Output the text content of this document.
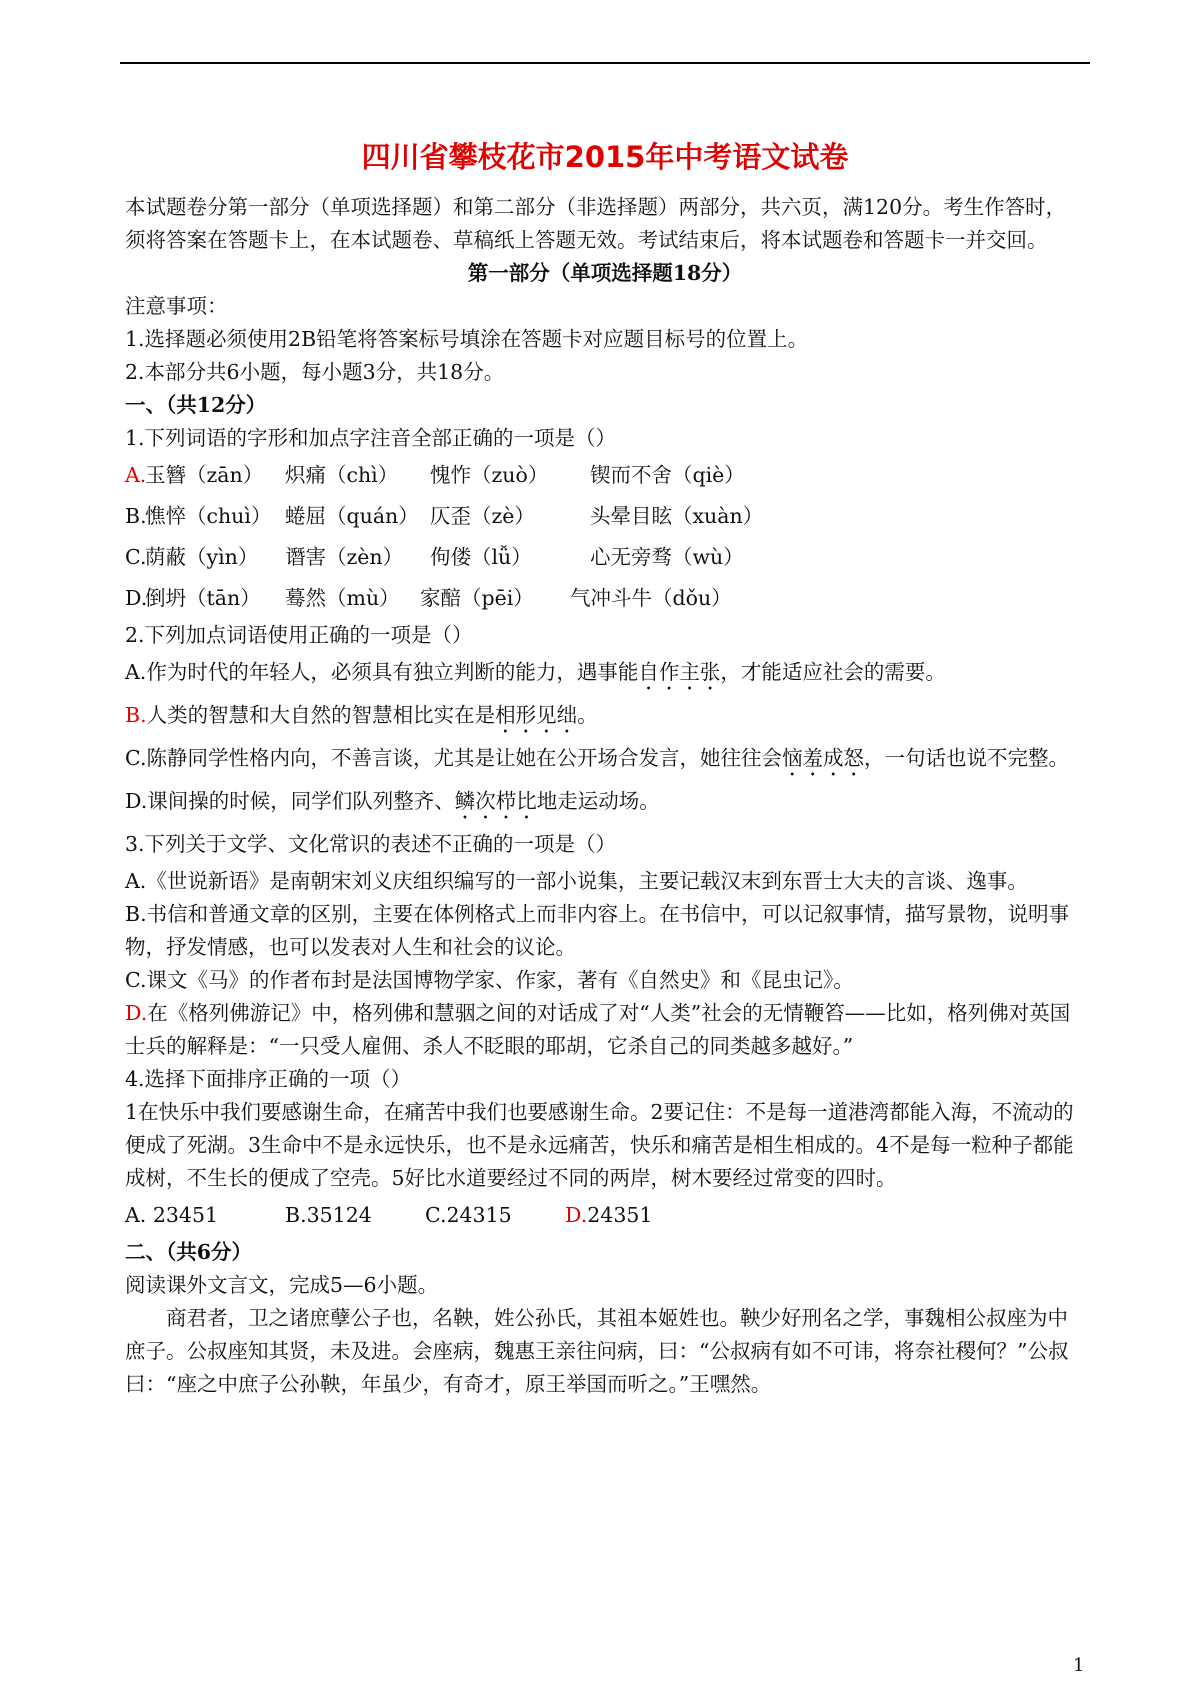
四川省攀枝花市2015年中考语文试卷

本试题卷分第一部分（单项选择题）和第二部分（非选择题）两部分，共六页，满120分。考生作答时，须将答案在答题卡上，在本试题卷、草稿纸上答题无效。考试结束后，将本试题卷和答题卡一并交回。

第一部分（单项选择题18分）

注意事项：

1.选择题必须使用2B铅笔将答案标号填涂在答题卡对应题目标号的位置上。

2.本部分共6小题，每小题3分，共18分。

一、（共12分）

1.下列词语的字形和加点字注音全部正确的一项是（）

A.
玉簪（zān）	炽痛（chì）	愧怍（zuò）	锲而不舍（qiè）
B.
憔悴（chuì） 蜷屈（quán） 仄歪（zè）	头晕目眩（xuàn）
C.
荫蔽（yìn）	谮害（zèn）	佝偻（lǚ）	心无旁骛（wù）
D.
倒坍（tān）	蓦然（mù） 家醅（pēi）	气冲斗牛（dǒu）

2.下列加点词语使用正确的一项是（）

A.作为时代的年轻人，必须具有独立判断的能力，遇事能自作主张，才能适应社会的需要。

B.人类的智慧和大自然的智慧相比实在是相形见绌。

C.陈静同学性格内向，不善言谈，尤其是让她在公开场合发言，她往往会恼羞成怒，一句话也说不完整。

D.课间操的时候，同学们队列整齐、鳞次栉比地走运动场。

3.下列关于文学、文化常识的表述不正确的一项是（）

A.《世说新语》是南朝宋刘义庆组织编写的一部小说集，主要记载汉末到东晋士大夫的言谈、逸事。

B.书信和普通文章的区别，主要在体例格式上而非内容上。在书信中，可以记叙事情，描写景物，说明事物，抒发情感，也可以发表对人生和社会的议论。

C.课文《马》的作者布封是法国博物学家、作家，著有《自然史》和《昆虫记》。

D.在《格列佛游记》中，格列佛和慧骃之间的对话成了对“人类”社会的无情鞭笞——比如，格列佛对英国士兵的解释是：“一只受人雇佣、杀人不眨眼的耶胡，它杀自己的同类越多越好。”

4.选择下面排序正确的一项（）

1在快乐中我们要感谢生命，在痛苦中我们也要感谢生命。2要记住：不是每一道港湾都能入海，不流动的便成了死湖。3生命中不是永远快乐，也不是永远痛苦，快乐和痛苦是相生相成的。4不是每一粒种子都能成树，不生长的便成了空壳。5好比水道要经过不同的两岸，树木要经过常变的四时。

A. 23451	B.35124	C.24315	D.24351

二、（共6分）

阅读课外文言文，完成5—6小题。

商君者，卫之诸庶孽公子也，名鞅，姓公孙氏，其祖本姬姓也。鞅少好刑名之学，事魏相公叔座为中庶子。公叔座知其贤，未及进。会座病，魏惠王亲往问病，曰：“公叔病有如不可讳，将奈社稷何？”公叔曰：“座之中庶子公孙鞅，年虽少，有奇才，原王举国而听之。”王嘿然。

1
